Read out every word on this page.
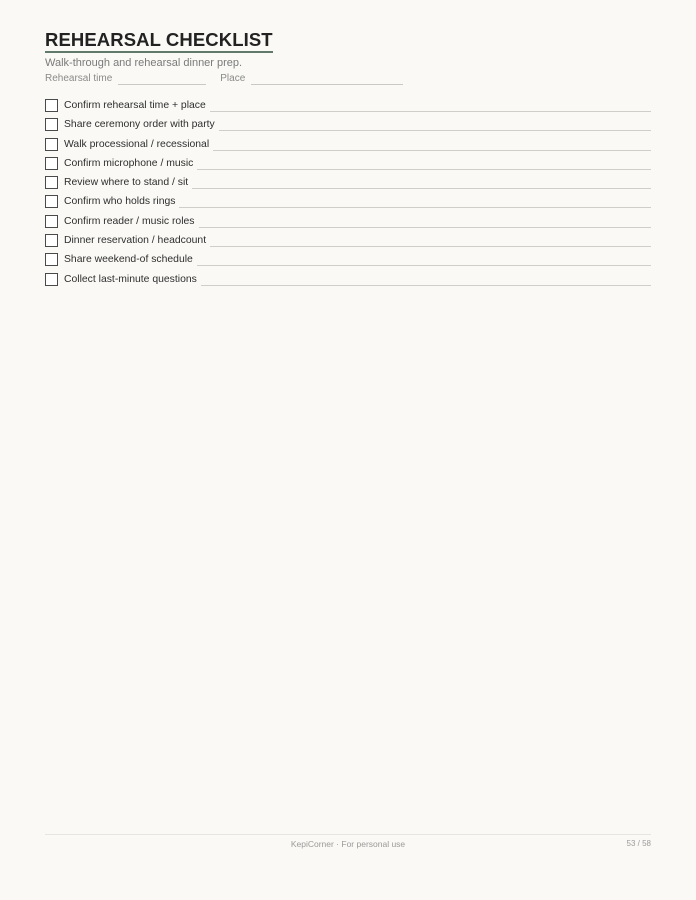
REHEARSAL CHECKLIST
Walk-through and rehearsal dinner prep.
Rehearsal time	Place
Confirm rehearsal time + place
Share ceremony order with party
Walk processional / recessional
Confirm microphone / music
Review where to stand / sit
Confirm who holds rings
Confirm reader / music roles
Dinner reservation / headcount
Share weekend-of schedule
Collect last-minute questions
KepiCorner · For personal use	53 / 58
